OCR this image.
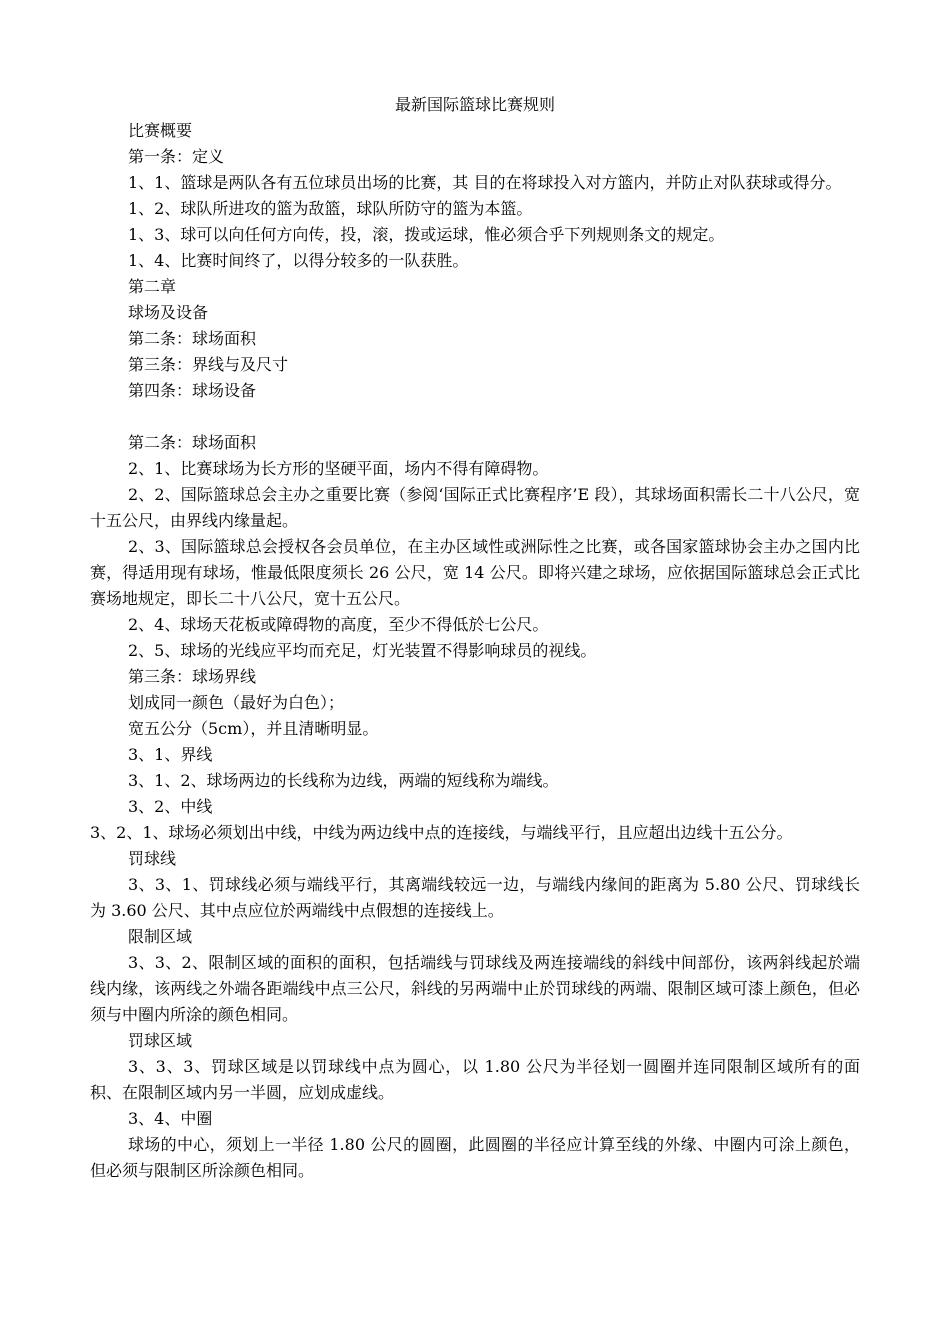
最新国际篮球比赛规则

比赛概要

第一条：定义

1、1、篮球是两队各有五位球员出场的比赛，其 目的在将球投入对方篮内，并防止对队获球或得分。

1、2、球队所进攻的篮为敌篮，球队所防守的篮为本篮。

1、3、球可以向任何方向传，投，滚，拨或运球，惟必须合乎下列规则条文的规定。

1、4、比赛时间终了，以得分较多的一队获胜。

第二章

球场及设备

第二条：球场面积

第三条：界线与及尺寸

第四条：球场设备

第二条：球场面积

2、1、比赛球场为长方形的坚硬平面，场内不得有障碍物。

2、2、国际篮球总会主办之重要比赛（参阅‘国际正式比赛程序’E 段），其球场面积需长二十八公尺，宽十五公尺，由界线内缘量起。

2、3、国际篮球总会授权各会员单位，在主办区域性或洲际性之比赛，或各国家篮球协会主办之国内比赛，得适用现有球场，惟最低限度须长 26 公尺，宽 14 公尺。即将兴建之球场，应依据国际篮球总会正式比赛场地规定，即长二十八公尺，宽十五公尺。

2、4、球场天花板或障碍物的高度，至少不得低於七公尺。

2、5、球场的光线应平均而充足，灯光装置不得影响球员的视线。

第三条：球场界线

划成同一颜色（最好为白色）；

宽五公分（5cm），并且清晰明显。

3、1、界线

3、1、2、球场两边的长线称为边线，两端的短线称为端线。

3、2、中线

3、2、1、球场必须划出中线，中线为两边线中点的连接线，与端线平行，且应超出边线十五公分。

罚球线

3、3、1、罚球线必须与端线平行，其离端线较远一边，与端线内缘间的距离为 5.80 公尺、罚球线长为 3.60 公尺、其中点应位於两端线中点假想的连接线上。

限制区域

3、3、2、限制区域的面积的面积，包括端线与罚球线及两连接端线的斜线中间部份，该两斜线起於端线内缘，该两线之外端各距端线中点三公尺，斜线的另两端中止於罚球线的两端、限制区域可漆上颜色，但必须与中圈内所涂的颜色相同。

罚球区域

3、3、3、罚球区域是以罚球线中点为圆心，以 1.80 公尺为半径划一圆圈并连同限制区域所有的面积、在限制区域内另一半圆，应划成虚线。

3、4、中圈

球场的中心，须划上一半径 1.80 公尺的圆圈，此圆圈的半径应计算至线的外缘、中圈内可涂上颜色，但必须与限制区所涂颜色相同。
